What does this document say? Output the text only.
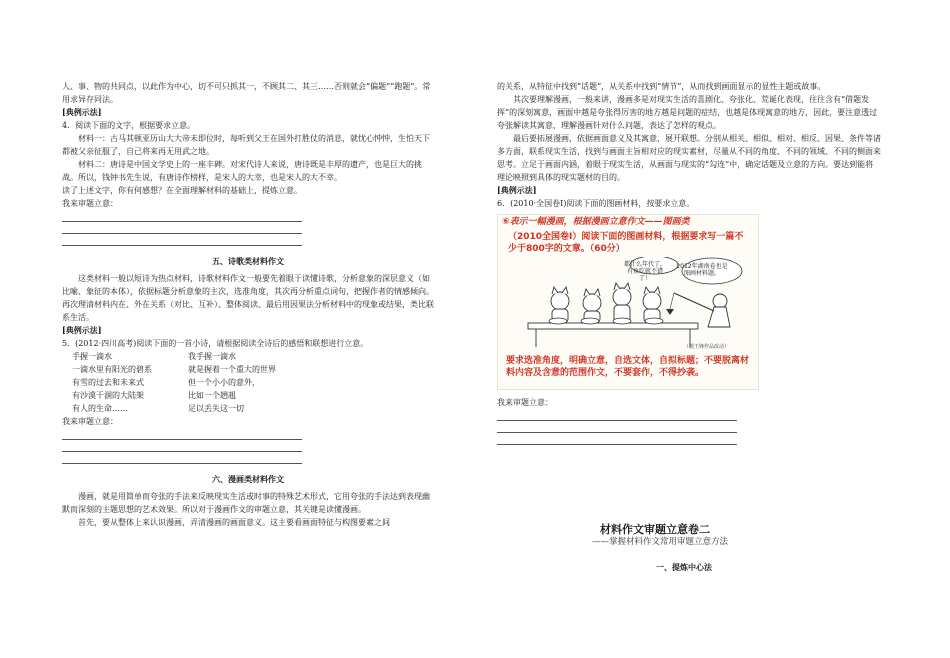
人、事、物的共同点，以此作为中心，切不可只抓其一，不顾其二、其三……否则就会“偏题”“跑题”。常用求异存同法。

[典例示法]

4．阅读下面的文字，根据要求立意。

材料一：古马其顿亚历山大大帝未即位时，每听到父王在国外打胜仗的消息，就忧心忡忡，生怕天下都被父亲征服了，自己将来再无用武之地。

材料二：唐诗是中国文学史上的一座丰碑。对宋代诗人来说，唐诗既是丰厚的遗产，也是巨大的挑战。所以，钱钟书先生说，有唐诗作榜样，是宋人的大幸，也是宋人的大不幸。

读了上述文字，你有何感想？在全面理解材料的基础上，提炼立意。

我来审题立意：

五、诗歌类材料作文

这类材料一般以短诗为热点材料，诗歌材料作文一般要先着眼于读懂诗歌，分析意象的深层意义（如比喻、象征的本体），依据标题分析意象的主次，选准角度，其次再分析重点词句，把握作者的情感倾向。再次理清材料内在、外在关系（对比、互补）、整体阅读、最后用因果法分析材料中的现象或结果，类比联系生活。

[典例示法]

5．(2012·四川高考)阅读下面的一首小诗，请根据阅读全诗后的感悟和联想进行立意。

手握一滴水	我手握一滴水
一滴水里有阳光的碧系	就是握着一个重大的世界
有雪的过去和未来式	但一个小小的意外，
有沙漠干涸的大陆架	比如一个趔趄
有人的生命……	足以丢失这一切

我来审题立意：

六、漫画类材料作文

漫画，就是用简单而夸张的手法来反映现实生活或时事的特殊艺术形式，它用夸张的手法达到表现幽默而深刻的主题思想的艺术效果。所以对于漫画作文的审题立意，其关键是读懂漫画。

首先，要从整体上来认识漫画，弄清漫画的画面意义。这主要看画面特征与构图要素之间

的关系，从特征中找到“话题”，从关系中找到“情节”，从而找到画面显示的显性主题或故事。

其次要理解漫画，一般来讲，漫画多是对现实生活的喜剧化、夸张化、荒诞化表现，往往含有“借题发挥”的深刻寓意，画面中越是夸张得厉害的地方越是问题的症结，也越是体现寓意的地方，因此，要注意透过夸张解读其寓意，理解漫画针对什么问题，表达了怎样的观点。

最后要拓展漫画，依据画面意义及其寓意，展开联想。分别从相关、相似、相对、相反、因果、条件等诸多方面，联系现实生活，找到与画面主旨相对应的现实素材，尽量从不同的角度、不同的领域、不同的侧面来思考。立足于画面内涵，着眼于现实生活，从画面与现实的“勾连”中，确定话题及立意的方向。要达到能将理论映照到具体的现实题材的目的。

[典例示法]

6．(2010·全国卷Ⅰ)阅读下面的图画材料，按要求立意。

⑥表示一幅漫画，根据漫画立意作文——图画类
（2010全国卷Ⅰ）阅读下面的图画材料，根据要求写一篇不少于800字的文章。（60分）
都什么年代了，有鱼吃就不错了！
2012年湖南卷也是图画材料题。
（据王锋作品改动）
要求选准角度，明确立意，自选文体，自拟标题；不要脱离材料内容及含意的范围作文，不要套作，不得抄袭。

我来审题立意：

材料作文审题立意卷二
——掌握材料作文常用审题立意方法
一、提炼中心法
